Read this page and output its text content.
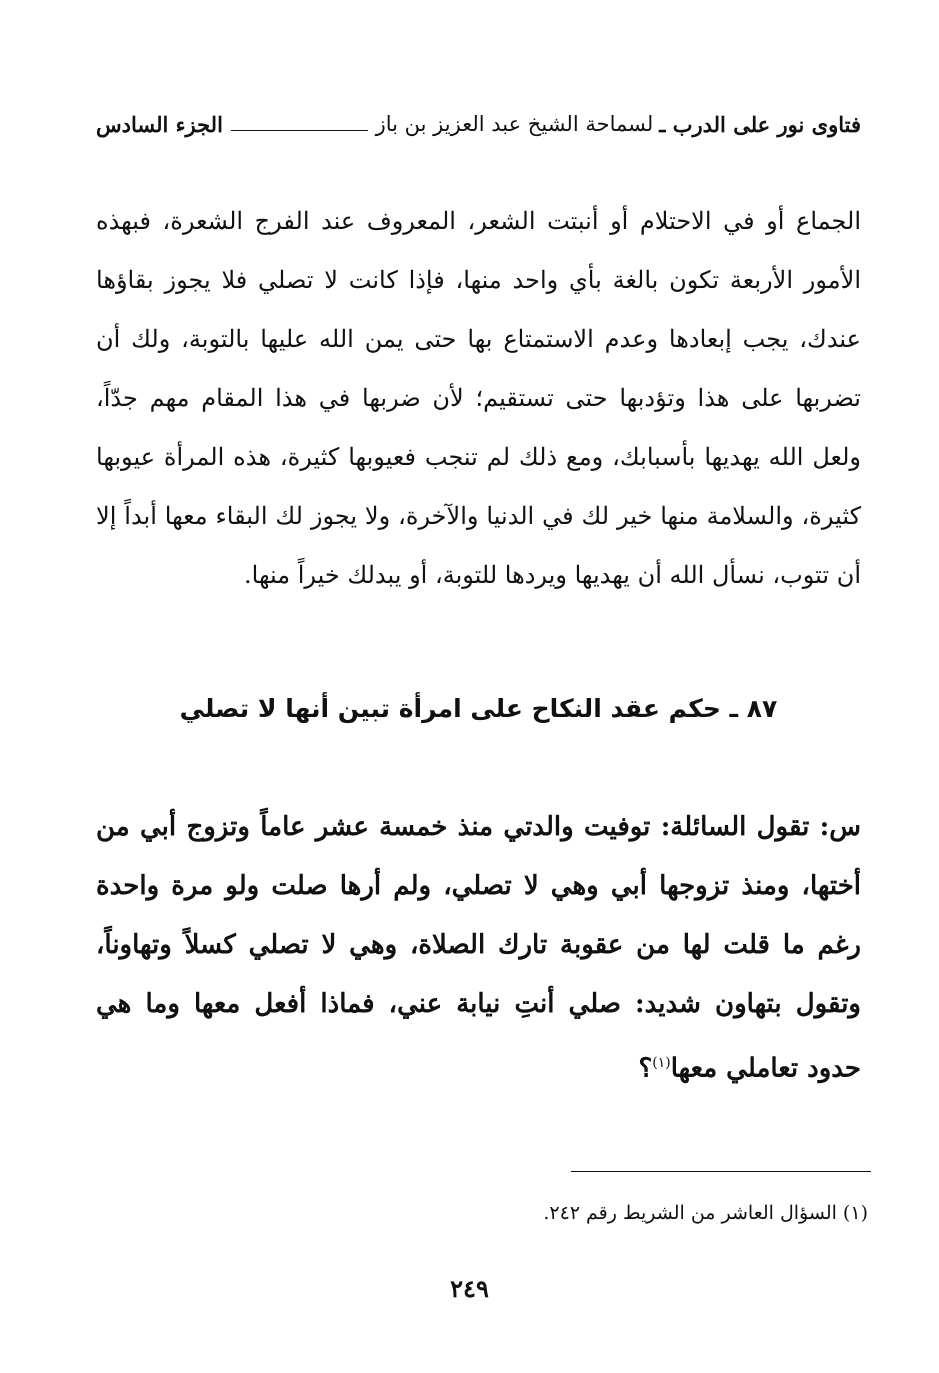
فتاوى نور على الدرب ـ
لسماحة الشيخ عبد العزيز بن باز
الجزء السادس

الجماع أو في الاحتلام أو أنبتت الشعر، المعروف عند الفرج الشعرة، فبهذه الأمور الأربعة تكون بالغة بأي واحد منها، فإذا كانت لا تصلي فلا يجوز بقاؤها عندك، يجب إبعادها وعدم الاستمتاع بها حتى يمن الله عليها بالتوبة، ولك أن تضربها على هذا وتؤدبها حتى تستقيم؛ لأن ضربها في هذا المقام مهم جدّاً، ولعل الله يهديها بأسبابك، ومع ذلك لم تنجب فعيوبها كثيرة، هذه المرأة عيوبها كثيرة، والسلامة منها خير لك في الدنيا والآخرة، ولا يجوز لك البقاء معها أبداً إلا أن تتوب، نسأل الله أن يهديها ويردها للتوبة، أو يبدلك خيراً منها.

٨٧ ـ حكم عقد النكاح على امرأة تبين أنها لا تصلي

س: تقول السائلة: توفيت والدتي منذ خمسة عشر عاماً وتزوج أبي من أختها، ومنذ تزوجها أبي وهي لا تصلي، ولم أرها صلت ولو مرة واحدة رغم ما قلت لها من عقوبة تارك الصلاة، وهي لا تصلي كسلاً وتهاوناً، وتقول بتهاون شديد: صلي أنتِ نيابة عني، فماذا أفعل معها وما هي حدود تعاملي معها$^{(١)}$؟

(١) السؤال العاشر من الشريط رقم ٢٤٢.
٢٤٩
